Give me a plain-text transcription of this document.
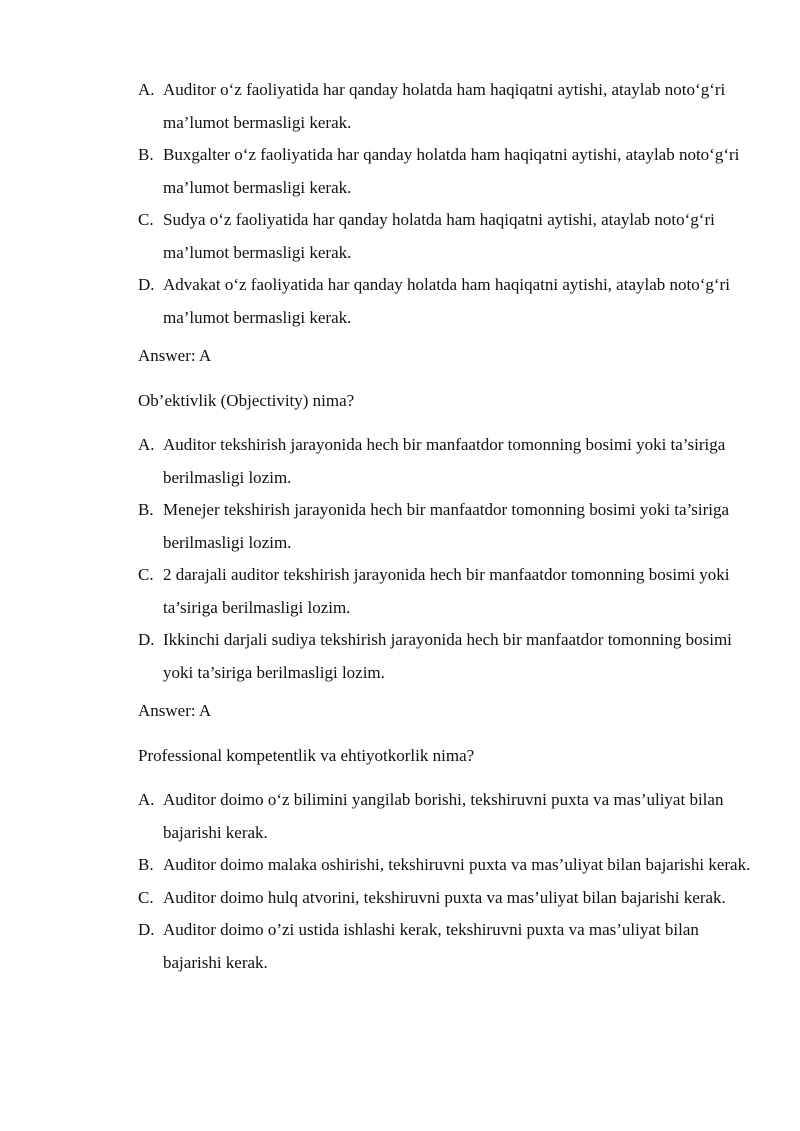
A. Auditor o‘z faoliyatida har qanday holatda ham haqiqatni aytishi, ataylab noto‘g‘ri ma’lumot bermasligi kerak.
B. Buxgalter o‘z faoliyatida har qanday holatda ham haqiqatni aytishi, ataylab noto‘g‘ri ma’lumot bermasligi kerak.
C. Sudya o‘z faoliyatida har qanday holatda ham haqiqatni aytishi, ataylab noto‘g‘ri ma’lumot bermasligi kerak.
D. Advakat o‘z faoliyatida har qanday holatda ham haqiqatni aytishi, ataylab noto‘g‘ri ma’lumot bermasligi kerak.

Answer: A

Ob’ektivlik (Objectivity) nima?

A. Auditor tekshirish jarayonida hech bir manfaatdor tomonning bosimi yoki ta’siriga berilmasligi lozim.
B. Menejer tekshirish jarayonida hech bir manfaatdor tomonning bosimi yoki ta’siriga berilmasligi lozim.
C. 2 darajali auditor tekshirish jarayonida hech bir manfaatdor tomonning bosimi yoki ta’siriga berilmasligi lozim.
D. Ikkinchi darjali sudiya tekshirish jarayonida hech bir manfaatdor tomonning bosimi yoki ta’siriga berilmasligi lozim.

Answer: A

Professional kompetentlik va ehtiyotkorlik nima?

A. Auditor doimo o‘z bilimini yangilab borishi, tekshiruvni puxta va mas’uliyat bilan bajarishi kerak.
B. Auditor doimo malaka oshirishi, tekshiruvni puxta va mas’uliyat bilan bajarishi kerak.
C. Auditor doimo hulq atvorini, tekshiruvni puxta va mas’uliyat bilan bajarishi kerak.
D. Auditor doimo o’zi ustida ishlashi kerak, tekshiruvni puxta va mas’uliyat bilan bajarishi kerak.
